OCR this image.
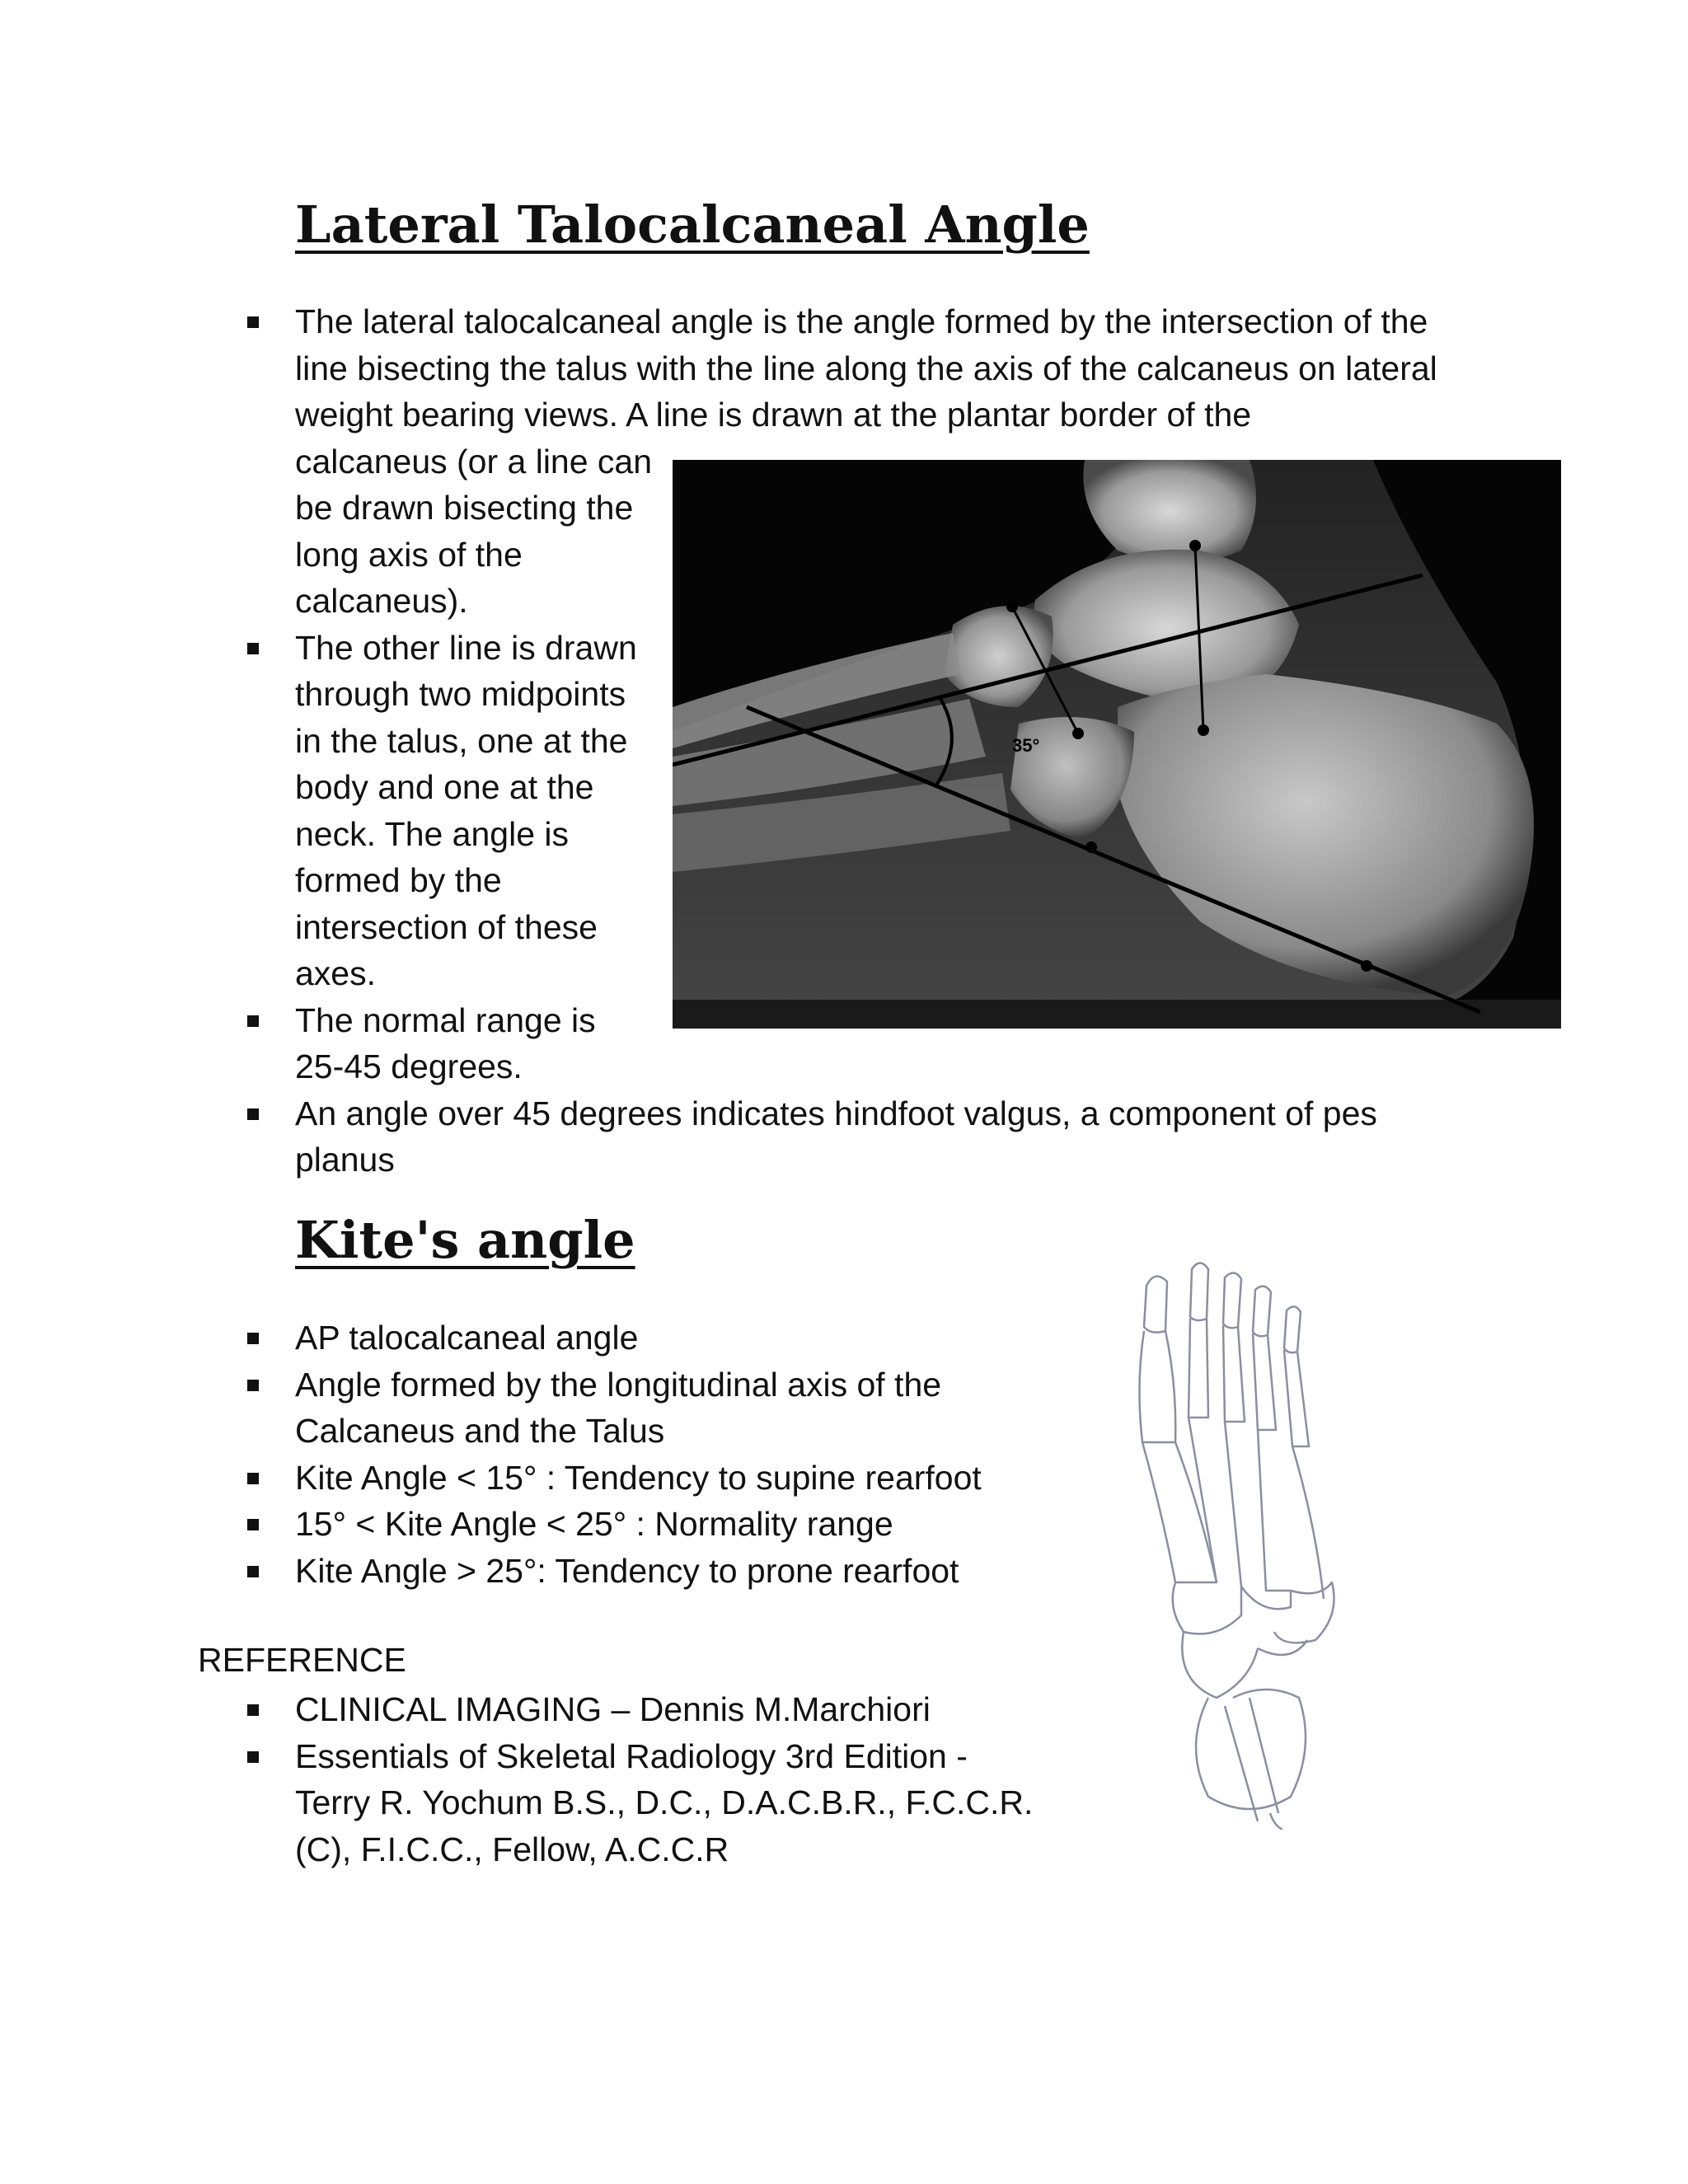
Lateral Talocalcaneal Angle
The lateral talocalcaneal angle is the angle formed by the intersection of the line bisecting the talus with the line along the axis of the calcaneus on lateral weight bearing views. A line is drawn at the plantar border of the
calcaneus (or a line can be drawn bisecting the long axis of the calcaneus).
The other line is drawn through two midpoints in the talus, one at the body and one at the neck. The angle is formed by the intersection of these axes.
The normal range is 25-45 degrees.
An angle over 45 degrees indicates hindfoot valgus, a component of pes planus
35°
Kite's angle
AP talocalcaneal angle
Angle formed by the longitudinal axis of the Calcaneus and the Talus
Kite Angle < 15° : Tendency to supine rearfoot
15° < Kite Angle < 25° : Normality range
Kite Angle > 25°: Tendency to prone rearfoot
REFERENCE
CLINICAL IMAGING – Dennis M.Marchiori
Essentials of Skeletal Radiology 3rd Edition - Terry R. Yochum B.S., D.C., D.A.C.B.R., F.C.C.R. (C), F.I.C.C., Fellow, A.C.C.R
